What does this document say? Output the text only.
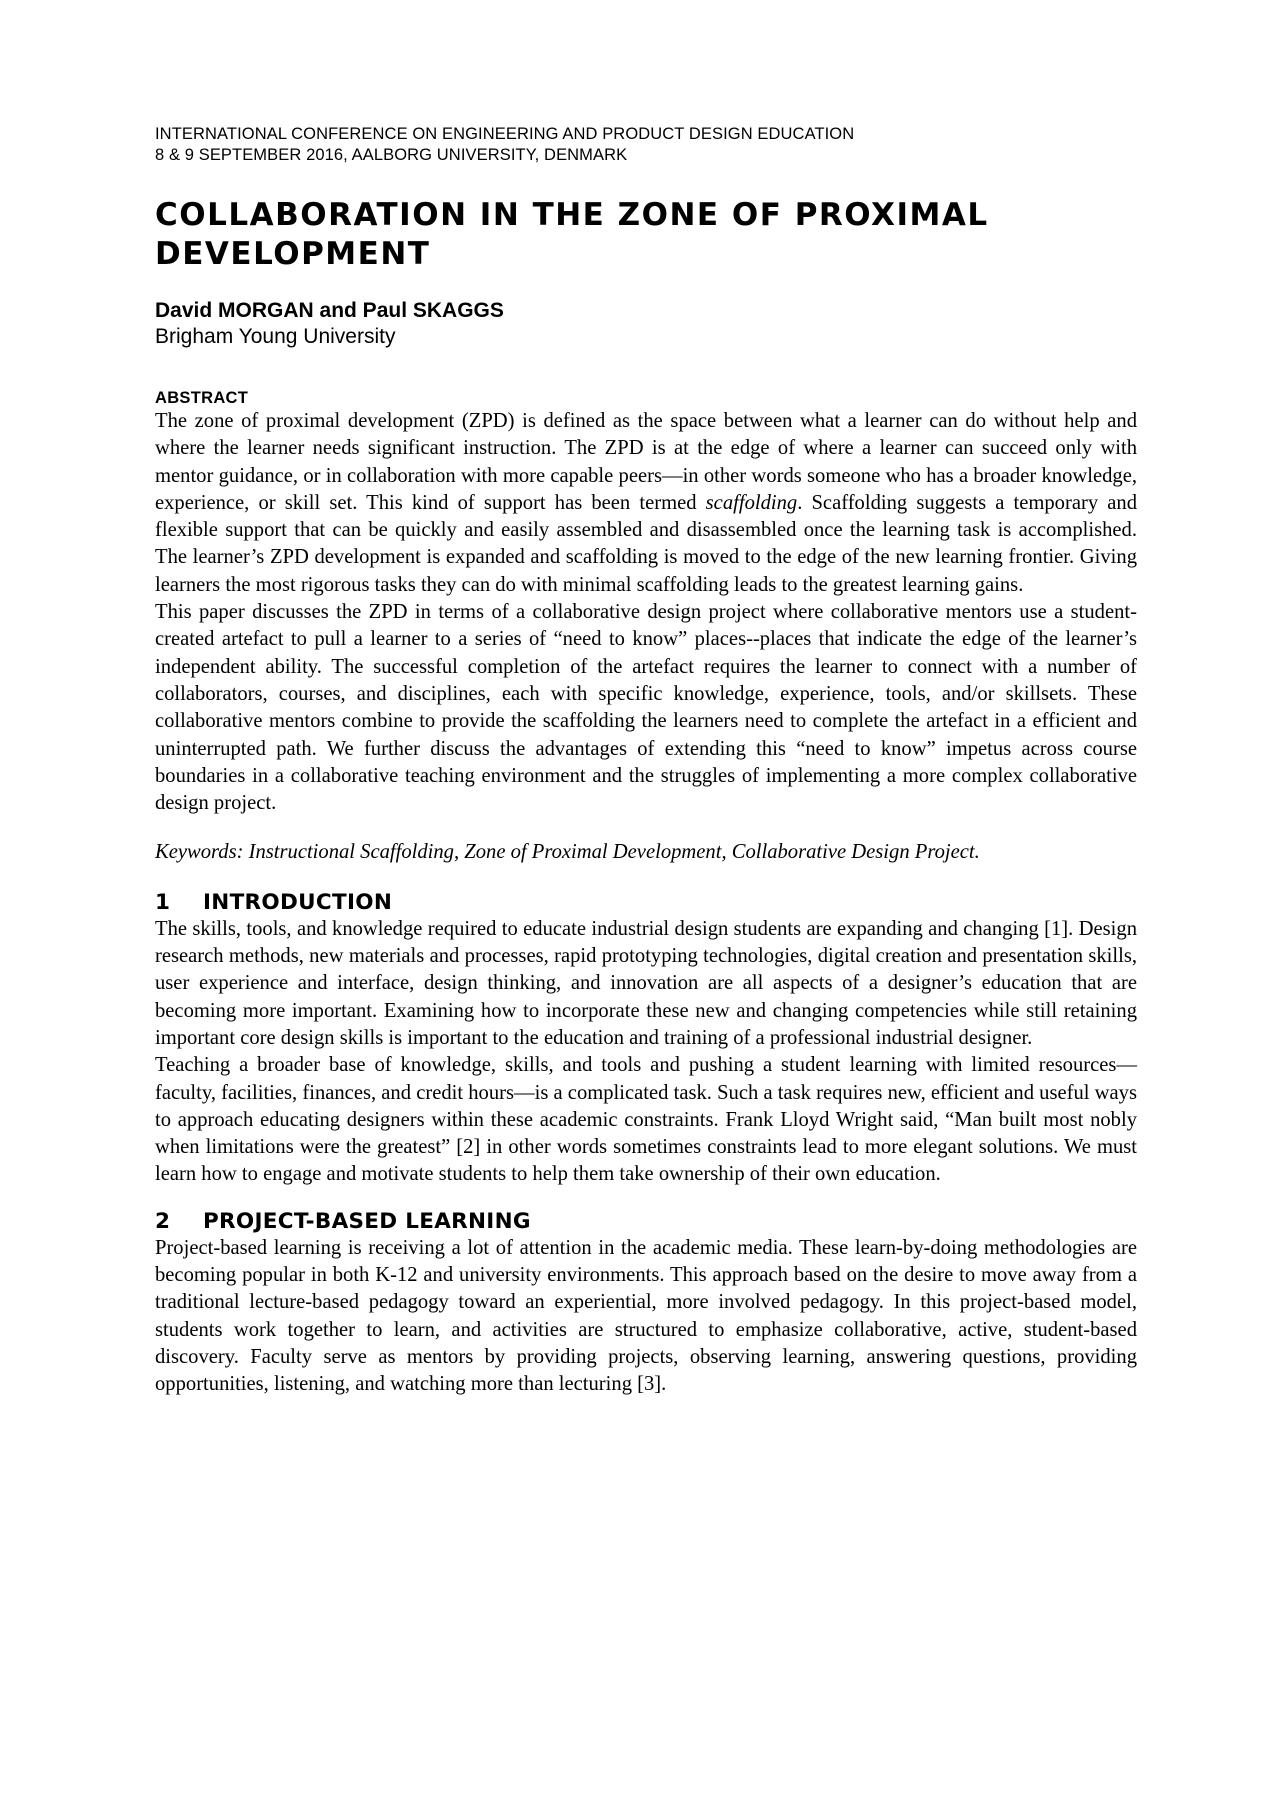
INTERNATIONAL CONFERENCE ON ENGINEERING AND PRODUCT DESIGN EDUCATION
8 & 9 SEPTEMBER 2016, AALBORG UNIVERSITY, DENMARK
COLLABORATION IN THE ZONE OF PROXIMAL DEVELOPMENT
David MORGAN and Paul SKAGGS
Brigham Young University
ABSTRACT

The zone of proximal development (ZPD) is defined as the space between what a learner can do without help and where the learner needs significant instruction. The ZPD is at the edge of where a learner can succeed only with mentor guidance, or in collaboration with more capable peers—in other words someone who has a broader knowledge, experience, or skill set. This kind of support has been termed scaffolding. Scaffolding suggests a temporary and flexible support that can be quickly and easily assembled and disassembled once the learning task is accomplished. The learner’s ZPD development is expanded and scaffolding is moved to the edge of the new learning frontier. Giving learners the most rigorous tasks they can do with minimal scaffolding leads to the greatest learning gains.

This paper discusses the ZPD in terms of a collaborative design project where collaborative mentors use a student-created artefact to pull a learner to a series of “need to know” places--places that indicate the edge of the learner’s independent ability. The successful completion of the artefact requires the learner to connect with a number of collaborators, courses, and disciplines, each with specific knowledge, experience, tools, and/or skillsets. These collaborative mentors combine to provide the scaffolding the learners need to complete the artefact in a efficient and uninterrupted path. We further discuss the advantages of extending this “need to know” impetus across course boundaries in a collaborative teaching environment and the struggles of implementing a more complex collaborative design project.

Keywords: Instructional Scaffolding, Zone of Proximal Development, Collaborative Design Project.

1 INTRODUCTION

The skills, tools, and knowledge required to educate industrial design students are expanding and changing [1]. Design research methods, new materials and processes, rapid prototyping technologies, digital creation and presentation skills, user experience and interface, design thinking, and innovation are all aspects of a designer’s education that are becoming more important. Examining how to incorporate these new and changing competencies while still retaining important core design skills is important to the education and training of a professional industrial designer.

Teaching a broader base of knowledge, skills, and tools and pushing a student learning with limited resources—faculty, facilities, finances, and credit hours—is a complicated task. Such a task requires new, efficient and useful ways to approach educating designers within these academic constraints. Frank Lloyd Wright said, “Man built most nobly when limitations were the greatest” [2] in other words sometimes constraints lead to more elegant solutions. We must learn how to engage and motivate students to help them take ownership of their own education.

2 PROJECT-BASED LEARNING

Project-based learning is receiving a lot of attention in the academic media. These learn-by-doing methodologies are becoming popular in both K-12 and university environments. This approach based on the desire to move away from a traditional lecture-based pedagogy toward an experiential, more involved pedagogy. In this project-based model, students work together to learn, and activities are structured to emphasize collaborative, active, student-based discovery. Faculty serve as mentors by providing projects, observing learning, answering questions, providing opportunities, listening, and watching more than lecturing [3].
